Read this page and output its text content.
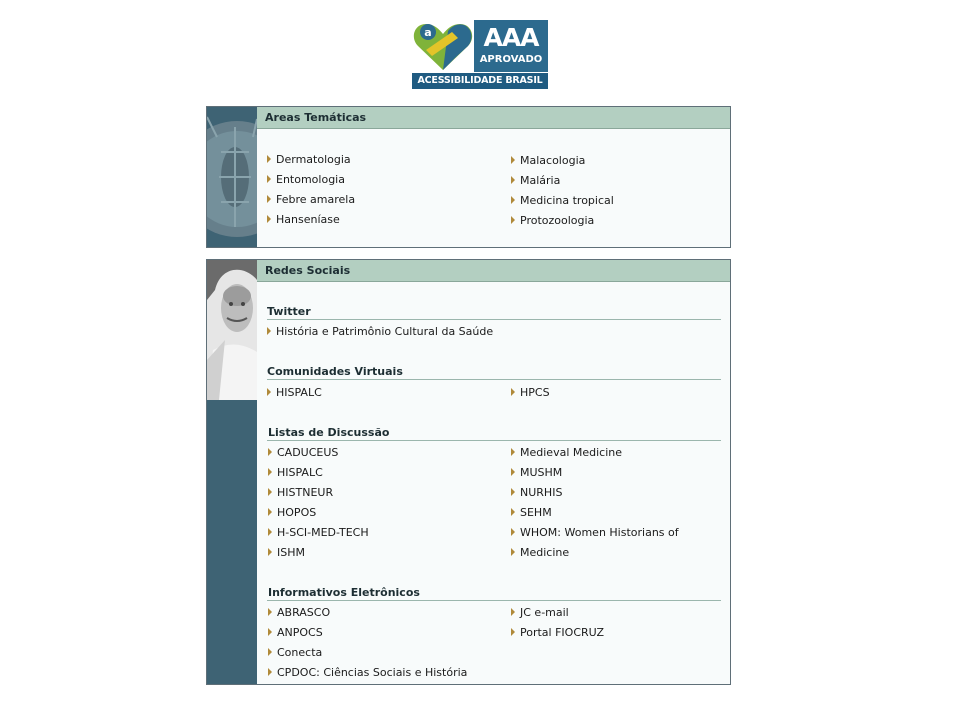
a	AAA
APROVADO
ACESSIBILIDADE BRASIL
Areas Temáticas
Dermatologia
Entomologia
Febre amarela
Hanseníase
Malacologia
Malária
Medicina tropical
Protozoologia
Redes Sociais
Twitter
História e Patrimônio Cultural da Saúde
Comunidades Virtuais
HISPALC	HPCS
Listas de Discussão
CADUCEUS
HISPALC
HISTNEUR
HOPOS
H-SCI-MED-TECH
ISHM
Medieval Medicine
MUSHM
NURHIS
SEHM
WHOM: Women Historians of
Medicine
Informativos Eletrônicos
ABRASCO
ANPOCS
Conecta
CPDOC: Ciências Sociais e História
JC e-mail
Portal FIOCRUZ
